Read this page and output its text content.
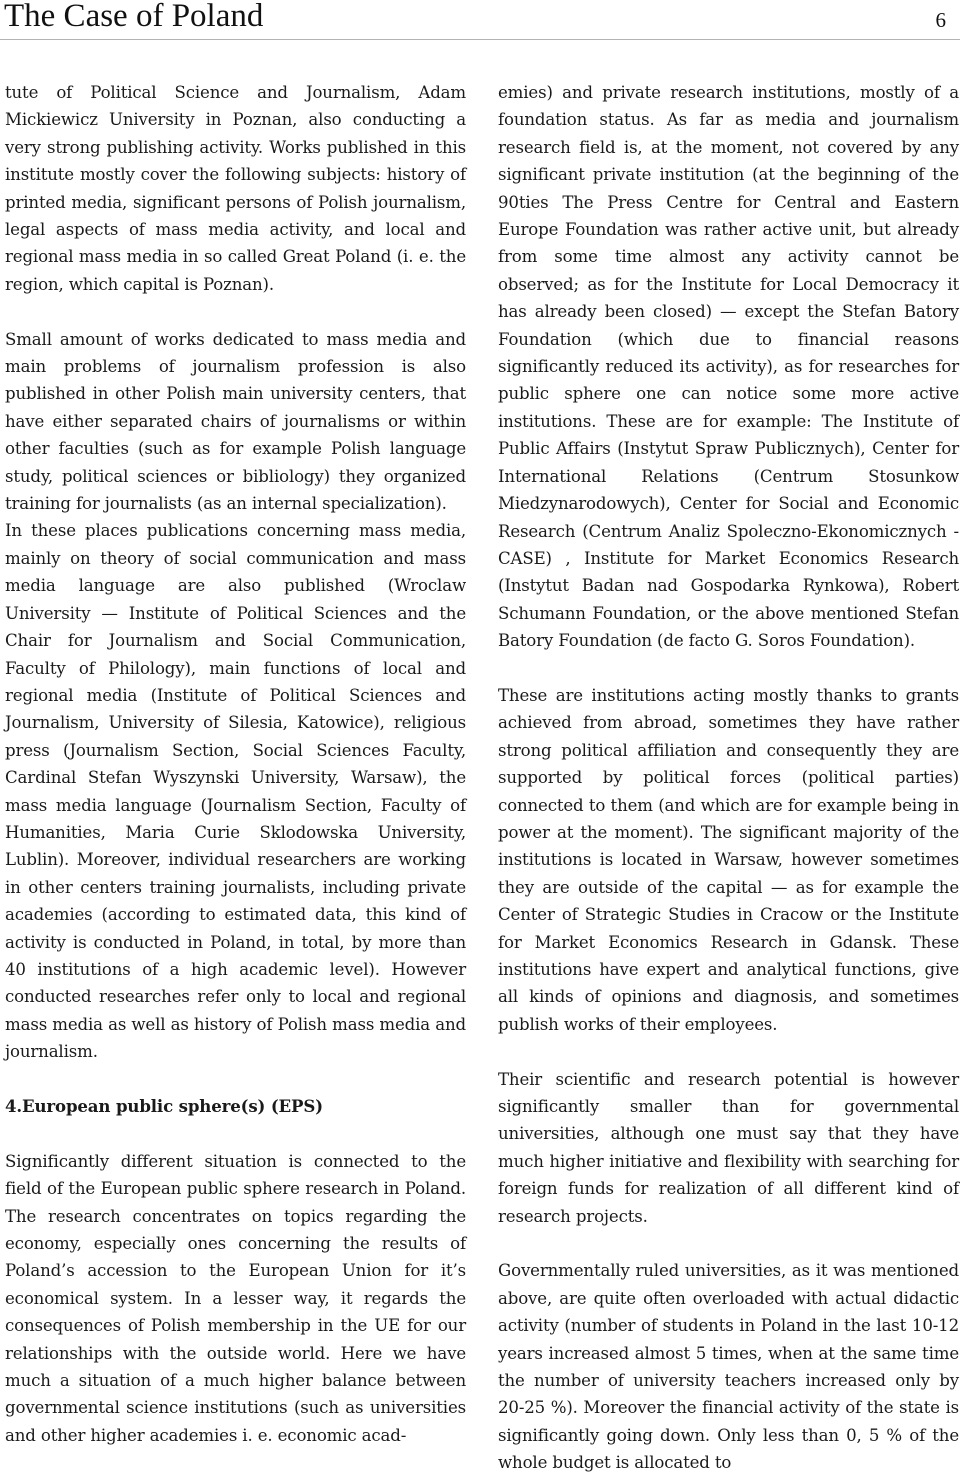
The Case of Poland	6

tute of Political Science and Journalism, Adam Mickiewicz University in Poznan, also conducting a very strong publishing activity. Works published in this institute mostly cover the following subjects: history of printed media, significant persons of Polish journalism, legal aspects of mass media activity, and local and regional mass media in so called Great Poland (i. e. the region, which capital is Poznan).

Small amount of works dedicated to mass media and main problems of journalism profession is also published in other Polish main university centers, that have either separated chairs of journalisms or within other faculties (such as for example Polish language study, political sciences or bibliology) they organized training for journalists (as an internal specialization).

In these places publications concerning mass media, mainly on theory of social communication and mass media language are also published (Wroclaw University — Institute of Political Sciences and the Chair for Journalism and Social Communication, Faculty of Philology), main functions of local and regional media (Institute of Political Sciences and Journalism, University of Silesia, Katowice), religious press (Journalism Section, Social Sciences Faculty, Cardinal Stefan Wyszynski University, Warsaw), the mass media language (Journalism Section, Faculty of Humanities, Maria Curie Sklodowska University, Lublin). Moreover, individual researchers are working in other centers training journalists, including private academies (according to estimated data, this kind of activity is conducted in Poland, in total, by more than 40 institutions of a high academic level). However conducted researches refer only to local and regional mass media as well as history of Polish mass media and journalism.

4.European public sphere(s) (EPS)

Significantly different situation is connected to the field of the European public sphere research in Poland. The research concentrates on topics regarding the economy, especially ones concerning the results of Poland’s accession to the European Union for it’s economical system. In a lesser way, it regards the consequences of Polish membership in the UE for our relationships with the outside world. Here we have much a situation of a much higher balance between governmental science institutions (such as universities and other higher academies i. e. economic acad-

emies) and private research institutions, mostly of a foundation status. As far as media and journalism research field is, at the moment, not covered by any significant private institution (at the beginning of the 90ties The Press Centre for Central and Eastern Europe Foundation was rather active unit, but already from some time almost any activity cannot be observed; as for the Institute for Local Democracy it has already been closed) — except the Stefan Batory Foundation (which due to financial reasons significantly reduced its activity), as for researches for public sphere one can notice some more active institutions. These are for example: The Institute of Public Affairs (Instytut Spraw Publicznych), Center for International Relations (Centrum Stosunkow Miedzynarodowych), Center for Social and Economic Research (Centrum Analiz Spoleczno-Ekonomicznych - CASE) , Institute for Market Economics Research (Instytut Badan nad Gospodarka Rynkowa), Robert Schumann Foundation, or the above mentioned Stefan Batory Foundation (de facto G. Soros Foundation).

These are institutions acting mostly thanks to grants achieved from abroad, sometimes they have rather strong political affiliation and consequently they are supported by political forces (political parties) connected to them (and which are for example being in power at the moment). The significant majority of the institutions is located in Warsaw, however sometimes they are outside of the capital — as for example the Center of Strategic Studies in Cracow or the Institute for Market Economics Research in Gdansk. These institutions have expert and analytical functions, give all kinds of opinions and diagnosis, and sometimes publish works of their employees.

Their scientific and research potential is however significantly smaller than for governmental universities, although one must say that they have much higher initiative and flexibility with searching for foreign funds for realization of all different kind of research projects.

Governmentally ruled universities, as it was mentioned above, are quite often overloaded with actual didactic activity (number of students in Poland in the last 10-12 years increased almost 5 times, when at the same time the number of university teachers increased only by 20-25 %). Moreover the financial activity of the state is significantly going down. Only less than 0, 5 % of the whole budget is allocated to
